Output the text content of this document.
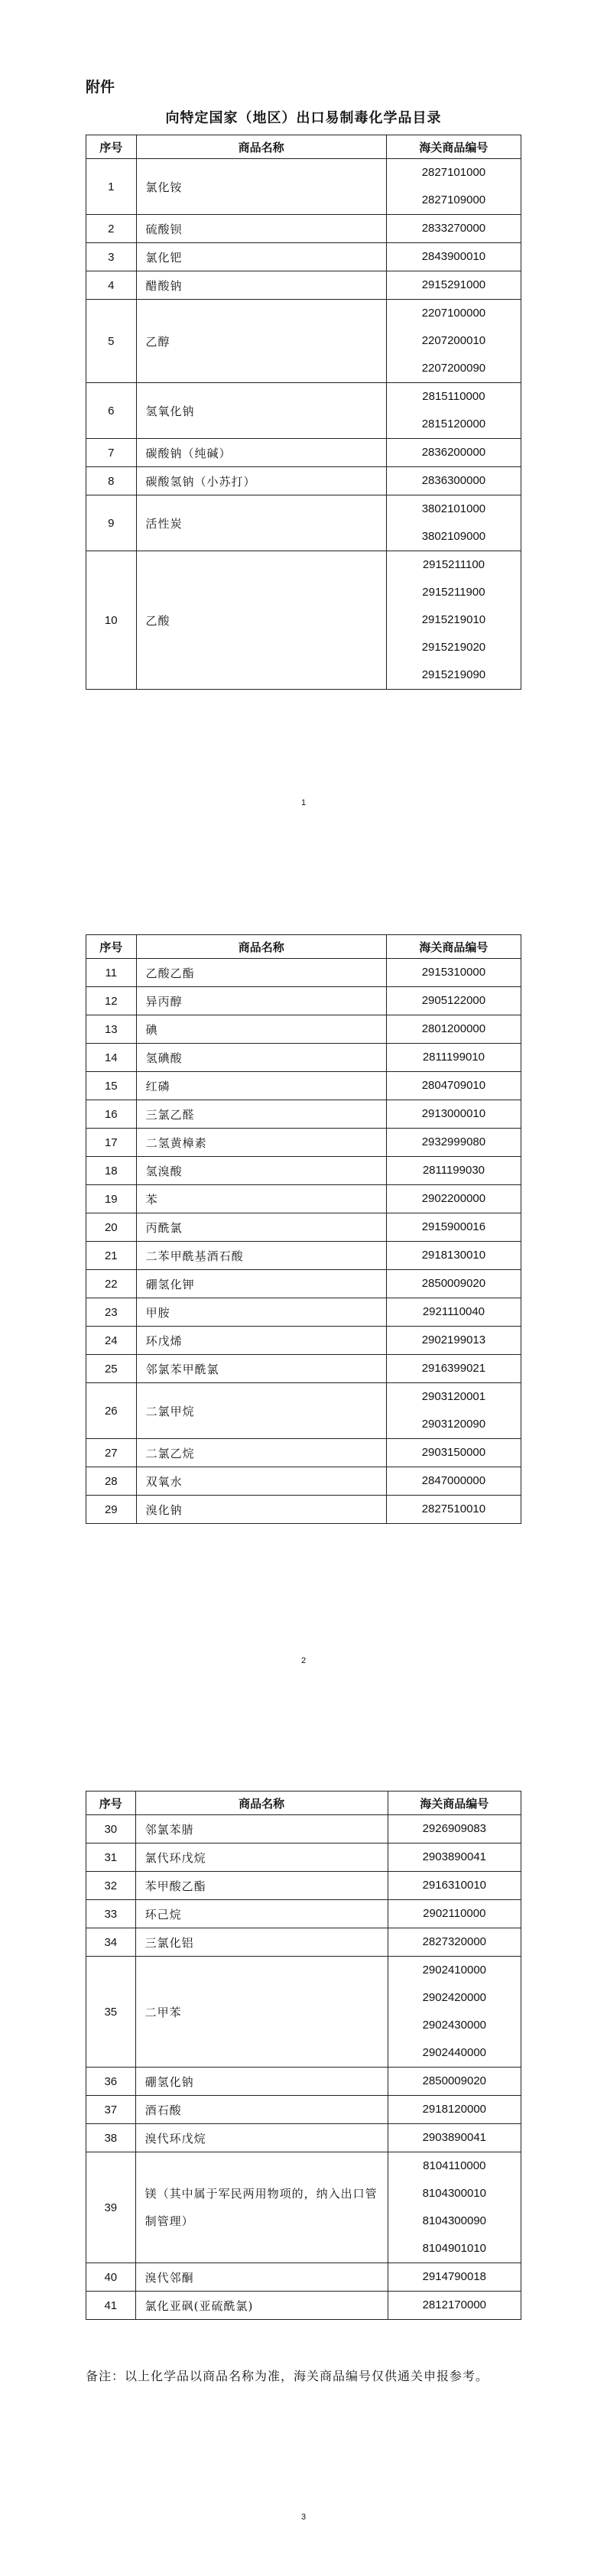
附件
向特定国家（地区）出口易制毒化学品目录
序号	商品名称	海关商品编号
1	氯化铵	2827101000
2827109000

2	硫酸钡	2833270000

3	氯化钯	2843900010

4	醋酸钠	2915291000

5	乙醇	2207100000
2207200010
2207200090

6	氢氧化钠	2815110000
2815120000

7	碳酸钠（纯碱）	2836200000

8	碳酸氢钠（小苏打）	2836300000

9	活性炭	3802101000
3802109000

10	乙酸	2915211100
2915211900
2915219010
2915219020
2915219090
1
序号	商品名称	海关商品编号
11	乙酸乙酯	2915310000

12	异丙醇	2905122000

13	碘	2801200000

14	氢碘酸	2811199010

15	红磷	2804709010

16	三氯乙醛	2913000010

17	二氢黄樟素	2932999080

18	氢溴酸	2811199030

19	苯	2902200000

20	丙酰氯	2915900016

21	二苯甲酰基酒石酸	2918130010

22	硼氢化钾	2850009020

23	甲胺	2921110040

24	环戊烯	2902199013

25	邻氯苯甲酰氯	2916399021

26	二氯甲烷	2903120001
2903120090

27	二氯乙烷	2903150000

28	双氧水	2847000000

29	溴化钠	2827510010
2
序号	商品名称	海关商品编号
30	邻氯苯腈	2926909083

31	氯代环戊烷	2903890041

32	苯甲酸乙酯	2916310010

33	环己烷	2902110000

34	三氯化铝	2827320000

35	二甲苯	2902410000
2902420000
2902430000
2902440000

36	硼氢化钠	2850009020

37	酒石酸	2918120000

38	溴代环戊烷	2903890041

39	镁（其中属于军民两用物项的，纳入出口管制管理）	8104110000
8104300010
8104300090
8104901010

40	溴代邻酮	2914790018

41	氯化亚砜(亚硫酰氯)	2812170000
备注：以上化学品以商品名称为准，海关商品编号仅供通关申报参考。
3
